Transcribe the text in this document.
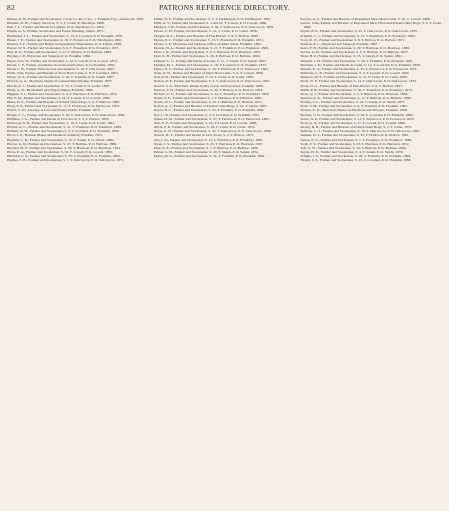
82	PATRONS REFERENCE DIRECTORY.

Haines, O. H., Farmer and Stockraiser, 2 Lots Co. Rt. 2, Sec. 1, Franklin Twp., Glenwood. 1876.

Haldane, R. W., County Surveyor, S. 3, T. Cedar, B. Brooklyn. 1868.

Hall, J. L., Farmer and Dealer in Lumber, Prop. Harrison's Co. 1852.

Hamm, A. S., Farmer, Stockraiser and Estate Planning, Salina. 1871.

Hammond, J. L., Farmer and Stockraiser, S. 14, T. Lowland, P. O. Franklin. 1870.

Hanks, J. E., Farmer and Stockraiser, S. 19, T. Fernwood, P. O. Winchester. 1861.

Hansen, S. F., Farmer and Dealer in Agricultural Implements, P. O. Fulton. 1868.

Harper, W. S., Farmer and Stockraiser, S. 9, T. Frankfort, P. O. Frankfort. 1871.

Hart, R. E., Farmer and Stockraiser, S. 11, T. Hollow, P. O. Bellvue. 1865.

Hayden, J. P., Physician and Surgeon, P. O. Franklin. 1866.

Hayes, Geo. W., Farmer and Stockraiser, S. 12, T. Lowell, P. O. Lowell. 1872.

Hazen, C. F., Farmer and Dealer in Grain and Produce, P. O. Franklin. 1862.

Heath, L. B., Farmer, Fruit Grower and Apiarist, S. 16, T. Oak Grove. 1865.

Helm, John, Farmer and Breeder of Short Horn Cattle, S. 8, T. Lowland. 1863.

Henry, W. A., Farmer and Stockraiser, S. 26, T. Franklin, P. O. Salem. 1867.

Herrick, G. A., Merchant, Dealer in General Merchandise, Franklin. 1870.

Hewitt, R. J., Farmer and Stockraiser, S. 33, T. Cedar, P. O. Cedar. 1858.

Hicks, A. W., Blacksmith and Wagon Maker, Franklin. 1869.

Higgins, T. J., Farmer and Stockraiser, S. 4, T. Harrison, P. O. Harrison. 1874.

Hill, F. M., Farmer and Stockraiser, S. 22, T. Lowell, P. O. Lowell. 1866.

Hines, D. S., Farmer and Breeder of Poland China Hogs, S. 6, T. Bellvue. 1867.

Hoag, E. P., Farmer and Stockraiser, S. 17, T. Fernwood, P. O. Fernwood. 1873.

Hobbs, S. W., Attorney at Law and Notary Public, Franklin. 1875.

Hodge, C. L., Farmer and Stockraiser, S. 28, T. Oak Grove, P. O. Oak Grove. 1864.

Hoffman, J. G., Farmer and Dealer in Live Stock, S. 5, T. Hollow. 1870.

Holbrook, N. B., Farmer and Stockraiser, S. 19, T. Cedar, P. O. Cedar. 1861.

Holden, A. C., Farmer and Stockraiser, S. 31, T. Frankfort, P. O. Frankfort. 1868.

Holmes, W. H., Farmer and Stockraiser, S. 2, T. Lowland, P. O. Franklin. 1859.

Hood, J. E., Harness Maker and Dealer in Saddlery, Franklin. 1872.

Hopkins, L. R., Farmer and Stockraiser, S. 13, T. Salem, P. O. Salem. 1866.

Horton, G. D., Farmer and Stockraiser, S. 27, T. Bellvue, P. O. Bellvue. 1869.

Howard, M. F., Farmer and Stockraiser, S. 20, T. Harrison, P. O. Harrison. 1874.

Howe, E. A., Farmer and Stockraiser, S. 10, T. Lowell, P. O. Lowell. 1863.

Hubbard, C. S., Farmer and Stockraiser, S. 35, T. Franklin, P. O. Franklin. 1860.

Hughes, T. B., Farmer and Stockraiser, S. 7, T. Oak Grove, P. O. Oak Grove. 1871.

Miller, W. F., Farmer and Stockraiser, S. 2, T. Farmington, P. O. Farmington. 1867.

Mills, A. S., Farmer and Stockraiser, S. 4 and 10, T. Lowell, P. O. Lowell. 1866.

Mitchell, J. W., Farmer and Stockraiser, S. 30, T. Oak Grove, P. O. Oak Grove. 1870.

Moore, C. H., Farmer and Stockraiser, S. 12, T. Cedar, P. O. Cedar. 1858.

Morgan, D. L., Farmer and Breeder of Fine Horses, S. 8, T. Hollow. 1868.

Morris, E. J., Farmer and Stockraiser, S. 15, T. Franklin, P. O. Franklin. 1871.

Morse, G. P., Physician and Surgeon, Office on Main Street, Franklin. 1865.

Morton, H. A., Farmer and Stockraiser, S. 21, T. Frankfort, P. O. Frankfort. 1869.

Moss, J. R., Farmer and Stockraiser, S. 3, T. Harrison, P. O. Harrison. 1872.

Mott, K. B., Farmer and Stockraiser, S. 26, T. Bellvue, P. O. Bellvue. 1864.

Munson, L. C., Farmer and Dealer in Grain, S. 11, T. Salem, P. O. Salem. 1867.

Murphy, M. J., Farmer and Stockraiser, S. 18, T. Lowland, P. O. Franklin. 1873.

Myers, N. S., Farmer and Stockraiser, S. 33, T. Fernwood, P. O. Fernwood. 1862.

Nash, O. W., Farmer and Breeder of Short Horn Cattle, S. 9, T. Lowell. 1866.

Neal, P. D., Farmer and Stockraiser, S. 24, T. Cedar, P. O. Cedar. 1870.

Nelson, R. F., Farmer and Stockraiser, S. 5, T. Oak Grove, P. O. Oak Grove. 1861.

Newell, S. A., Merchant, Dealer in Dry Goods and Groceries, Franklin. 1868.

Newton, T. H., Farmer and Stockraiser, S. 29, T. Hollow, P. O. Hollow. 1874.

Nichols, U. G., Farmer and Stockraiser, S. 14, T. Frankfort, P. O. Frankfort. 1859.

Noble, V. E., Farmer and Stockraiser, S. 1, T. Harrison, P. O. Harrison. 1867.

Norris, W. L., Farmer and Stockraiser, S. 32, T. Bellvue, P. O. Bellvue. 1871.

Norton, A. J., Farmer and Breeder of Poland China Hogs, S. 16, T. Salem. 1865.

Noyes, B. C., Farmer and Stockraiser, S. 23, T. Franklin, P. O. Franklin. 1869.

Nye, C. R., Farmer and Stockraiser, S. 6, T. Lowland, P. O. Franklin. 1872.

Oakes, D. M., Farmer and Stockraiser, S. 27, T. Fernwood, P. O. Fernwood. 1863.

Olds, E. F., Farmer and Stockraiser, S. 10, T. Lowell, P. O. Lowell. 1868.

Oliver, F. P., Farmer and Stockraiser, S. 19, T. Cedar, P. O. Cedar. 1870.

Olson, G. N., Farmer and Stockraiser, S. 34, T. Oak Grove, P. O. Oak Grove. 1866.

Osborn, H. T., Farmer and Dealer in Live Stock, S. 2, T. Hollow. 1873.

Otis, I. W., Farmer and Stockraiser, S. 13, T. Frankfort, P. O. Frankfort. 1861.

Owen, J. S., Farmer and Stockraiser, S. 25, T. Harrison, P. O. Harrison. 1867.

Page, K. E., Farmer and Stockraiser, S. 7, T. Bellvue, P. O. Bellvue. 1869.

Palmer, L. H., Farmer and Stockraiser, S. 20, T. Salem, P. O. Salem. 1874.

Parker, M. A., Farmer and Stockraiser, S. 31, T. Franklin, P. O. Franklin. 1862.

Sawyer, A. C., Farmer and Breeder of Registered Short Horn Cattle, S. 10, T. Lowell. 1868.

Saxton, John, Farmer and Breeder of Registered Short Horn and Poland China Hogs, S. 4, T. Cedar. 1866.

Sayles, B. F., Farmer and Stockraiser, S. 22, T. Oak Grove, P. O. Oak Grove. 1870.

Schmidt, C. J., Farmer and Stockraiser, S. 15, T. Frankfort, P. O. Frankfort. 1864.

Scott, D. W., Farmer and Stockraiser, S. 8, T. Hollow, P. O. Hollow. 1871.

Seaman, E. L., Physician and Surgeon, Franklin. 1867.

Sears, F. H., Farmer and Stockraiser, S. 29, T. Harrison, P. O. Harrison. 1869.

Sexton, G. R., Farmer and Stockraiser, S. 3, T. Bellvue, P. O. Bellvue. 1873.

Shaw, H. P., Farmer and Stockraiser, S. 18, T. Salem, P. O. Salem. 1861.

Shepard, I. M., Farmer and Stockraiser, S. 26, T. Franklin, P. O. Franklin. 1865.

Sherman, J. D., Farmer and Dealer in Grain, S. 12, T. Lowland, P. O. Franklin. 1868.

Shields, K. A., Farmer and Stockraiser, S. 35, T. Fernwood, P. O. Fernwood. 1872.

Simmons, L. B., Farmer and Stockraiser, S. 5, T. Lowell, P. O. Lowell. 1860.

Simpson, M. E., Farmer and Stockraiser, S. 21, T. Cedar, P. O. Cedar. 1866.

Slater, N. F., Farmer and Stockraiser, S. 14, T. Oak Grove, P. O. Oak Grove. 1870.

Sloan, O. G., Farmer and Breeder of Fine Horses, S. 9, T. Hollow. 1867.

Smith, P. H., Farmer and Stockraiser, S. 30, T. Frankfort, P. O. Frankfort. 1874.

Snow, Q. J., Farmer and Stockraiser, S. 1, T. Harrison, P. O. Harrison. 1863.

Spencer, R. K., Farmer and Stockraiser, S. 17, T. Bellvue, P. O. Bellvue. 1869.

Stanley, S. L., Farmer and Stockraiser, S. 24, T. Salem, P. O. Salem. 1871.

Stark, T. M., Farmer and Stockraiser, S. 6, T. Franklin, P. O. Franklin. 1865.

Stearns, U. N., Merchant, Dealer in Hardware and Tinware, Franklin. 1868.

Stevens, V. O., Farmer and Stockraiser, S. 33, T. Lowland, P. O. Franklin. 1862.

Stone, W. P., Farmer and Stockraiser, S. 11, T. Fernwood, P. O. Fernwood. 1870.

Stout, A. Q., Farmer and Stockraiser, S. 27, T. Lowell, P. O. Lowell. 1866.

Strong, B. R., Farmer and Breeder of Poland China Hogs, S. 2, T. Cedar. 1873.

Sullivan, C. S., Farmer and Stockraiser, S. 19, T. Oak Grove, P. O. Oak Grove. 1867.

Sumner, D. T., Farmer and Stockraiser, S. 32, T. Hollow, P. O. Hollow. 1861.

Sutton, E. U., Farmer and Stockraiser, S. 7, T. Frankfort, P. O. Frankfort. 1869.

Swift, F. V., Farmer and Stockraiser, S. 23, T. Harrison, P. O. Harrison. 1872.

Taft, G. W., Farmer and Stockraiser, S. 16, T. Bellvue, P. O. Bellvue. 1864.

Taylor, H. X., Farmer and Stockraiser, S. 4, T. Salem, P. O. Salem. 1870.

Temple, I. Y., Farmer and Stockraiser, S. 28, T. Franklin, P. O. Franklin. 1866.

Thayer, J. Z., Farmer and Stockraiser, S. 13, T. Lowland, P. O. Franklin. 1868.
